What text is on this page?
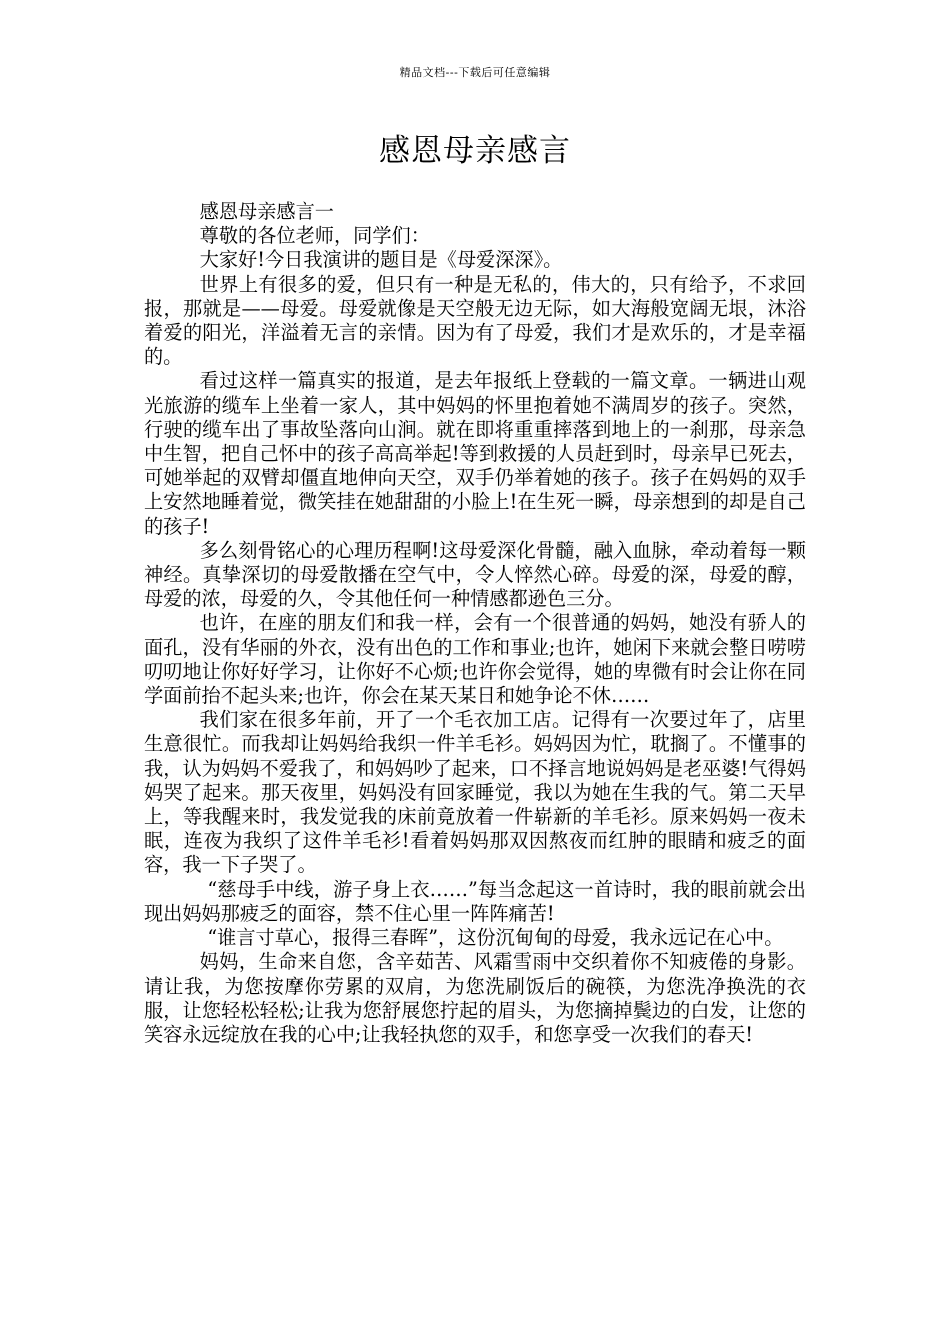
精品文档---下载后可任意编辑
感恩母亲感言

感恩母亲感言一

尊敬的各位老师，同学们：

大家好!今日我演讲的题目是《母爱深深》。

世界上有很多的爱，但只有一种是无私的，伟大的，只有给予，不求回报，那就是——母爱。母爱就像是天空般无边无际，如大海般宽阔无垠，沐浴着爱的阳光，洋溢着无言的亲情。因为有了母爱，我们才是欢乐的，才是幸福的。

看过这样一篇真实的报道，是去年报纸上登载的一篇文章。一辆进山观光旅游的缆车上坐着一家人，其中妈妈的怀里抱着她不满周岁的孩子。突然，行驶的缆车出了事故坠落向山涧。就在即将重重摔落到地上的一刹那，母亲急中生智，把自己怀中的孩子高高举起!等到救援的人员赶到时，母亲早已死去，可她举起的双臂却僵直地伸向天空，双手仍举着她的孩子。孩子在妈妈的双手上安然地睡着觉，微笑挂在她甜甜的小脸上!在生死一瞬，母亲想到的却是自己的孩子!

多么刻骨铭心的心理历程啊!这母爱深化骨髓，融入血脉，牵动着每一颗神经。真挚深切的母爱散播在空气中，令人悴然心碎。母爱的深，母爱的醇，母爱的浓，母爱的久，令其他任何一种情感都逊色三分。

也许，在座的朋友们和我一样，会有一个很普通的妈妈，她没有骄人的面孔，没有华丽的外衣，没有出色的工作和事业;也许，她闲下来就会整日唠唠叨叨地让你好好学习，让你好不心烦;也许你会觉得，她的卑微有时会让你在同学面前抬不起头来;也许，你会在某天某日和她争论不休……

我们家在很多年前，开了一个毛衣加工店。记得有一次要过年了，店里生意很忙。而我却让妈妈给我织一件羊毛衫。妈妈因为忙，耽搁了。不懂事的我，认为妈妈不爱我了，和妈妈吵了起来，口不择言地说妈妈是老巫婆!气得妈妈哭了起来。那天夜里，妈妈没有回家睡觉，我以为她在生我的气。第二天早上，等我醒来时，我发觉我的床前竟放着一件崭新的羊毛衫。原来妈妈一夜未眠，连夜为我织了这件羊毛衫!看着妈妈那双因熬夜而红肿的眼睛和疲乏的面容，我一下子哭了。

“慈母手中线，游子身上衣……”每当念起这一首诗时，我的眼前就会出现出妈妈那疲乏的面容，禁不住心里一阵阵痛苦!

“谁言寸草心，报得三春晖”，这份沉甸甸的母爱，我永远记在心中。

妈妈，生命来自您，含辛茹苦、风霜雪雨中交织着你不知疲倦的身影。请让我，为您按摩你劳累的双肩，为您洗刷饭后的碗筷，为您洗净换洗的衣服，让您轻松轻松;让我为您舒展您拧起的眉头，为您摘掉鬓边的白发，让您的笑容永远绽放在我的心中;让我轻执您的双手，和您享受一次我们的春天!
